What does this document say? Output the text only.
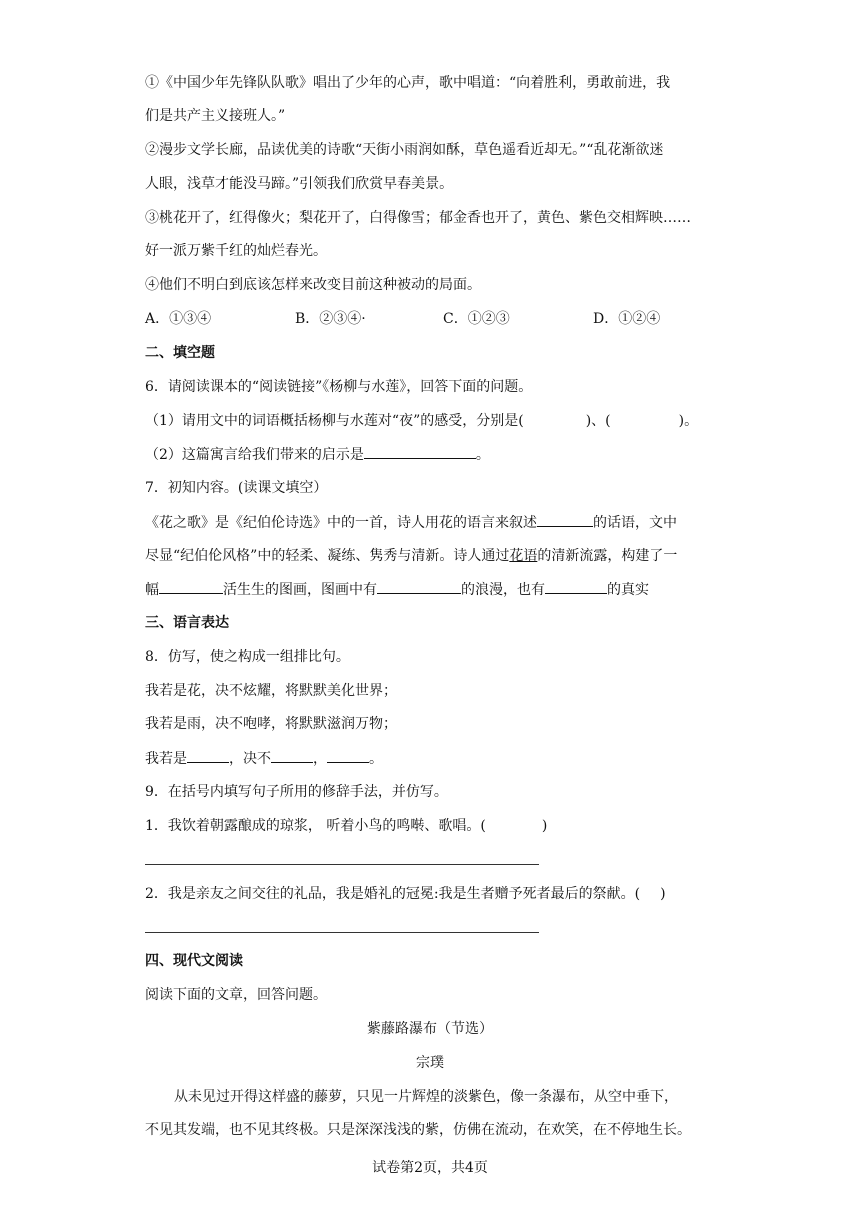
①《中国少年先锋队队歌》唱出了少年的心声，歌中唱道：“向着胜利，勇敢前进，我
们是共产主义接班人。”
②漫步文学长廊，品读优美的诗歌“天街小雨润如酥，草色遥看近却无。”“乱花渐欲迷
人眼，浅草才能没马蹄。”引领我们欣赏早春美景。
③桃花开了，红得像火；梨花开了，白得像雪；郁金香也开了，黄色、紫色交相辉映……
好一派万紫千红的灿烂春光。
④他们不明白到底该怎样来改变目前这种被动的局面。
A．①③④	B．②③④·	C．①②③	D．①②④
二、填空题
6．请阅读课本的“阅读链接”《杨柳与水莲》，回答下面的问题。
（1）请用文中的词语概括杨柳与水莲对“夜”的感受，分别是(	)、(	)。
（2）这篇寓言给我们带来的启示是	。
7．初知内容。(读课文填空）
《花之歌》是《纪伯伦诗选》中的一首，诗人用花的语言来叙述	的话语，文中
尽显“纪伯伦风格”中的轻柔、凝练、隽秀与清新。诗人通过花语的清新流露，构建了一
幅	活生生的图画，图画中有	的浪漫，也有	的真实
三、语言表达
8．仿写，使之构成一组排比句。
我若是花，决不炫耀，将默默美化世界；
我若是雨，决不咆哮，将默默滋润万物；
我若是	，决不	，	。
9．在括号内填写句子所用的修辞手法，并仿写。
1．我饮着朝露酿成的琼浆， 听着小鸟的鸣啭、歌唱。(	)
2．我是亲友之间交往的礼品，我是婚礼的冠冕:我是生者赠予死者最后的祭献。( )
四、现代文阅读
阅读下面的文章，回答问题。
紫藤路瀑布（节选）
宗璞
从未见过开得这样盛的藤萝，只见一片辉煌的淡紫色，像一条瀑布，从空中垂下，
不见其发端，也不见其终极。只是深深浅浅的紫，仿佛在流动，在欢笑，在不停地生长。
试卷第2页，共4页
